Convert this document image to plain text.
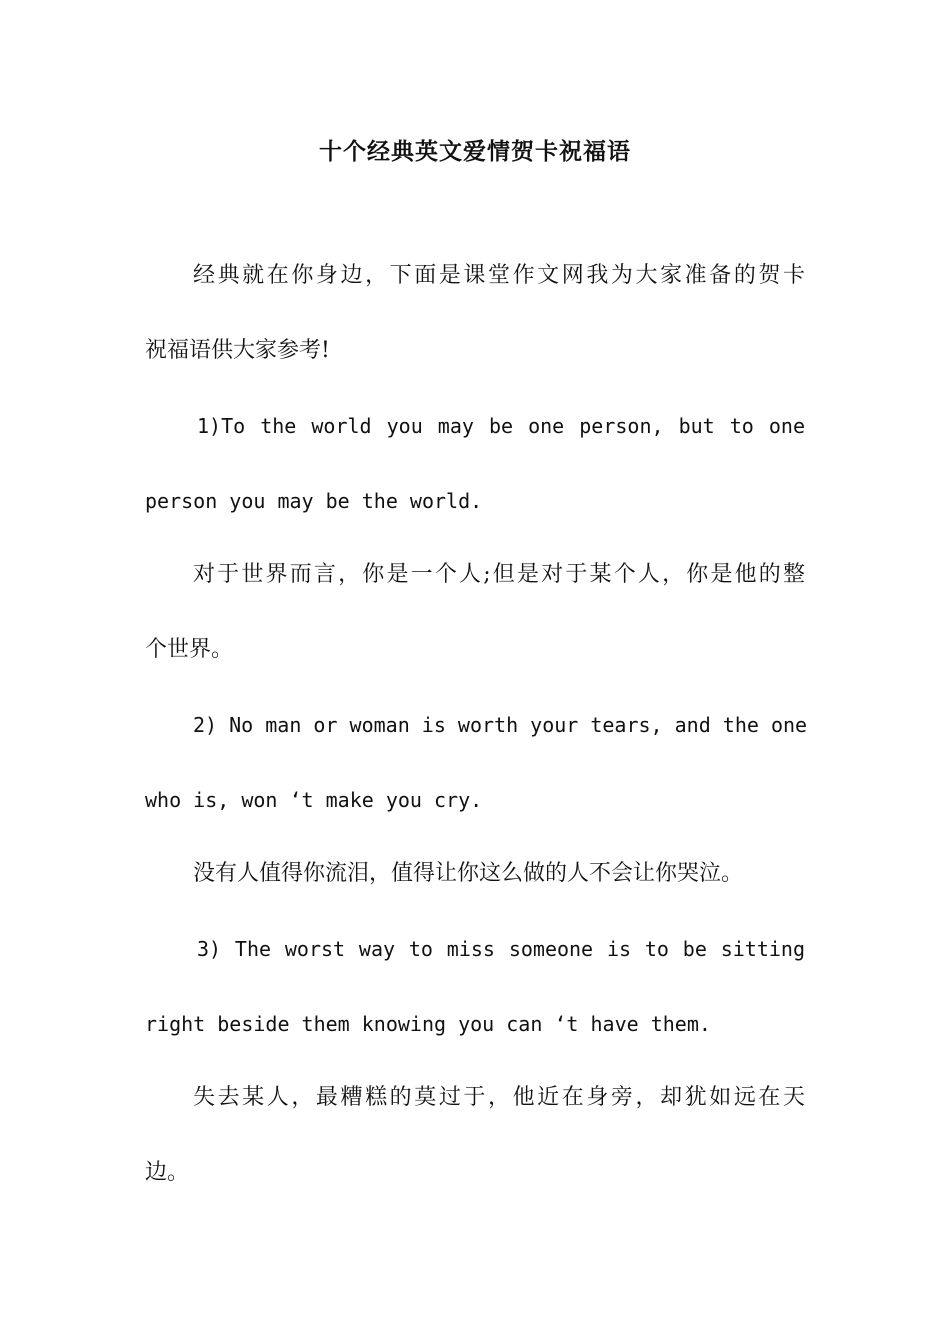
十个经典英文爱情贺卡祝福语
经典就在你身边，下面是课堂作文网我为大家准备的贺卡
祝福语供大家参考!
1)To the world you may be one person, but to one
person you may be the world.
对于世界而言，你是一个人;但是对于某个人，你是他的整
个世界。
2) No man or woman is worth your tears, and the one
who is, won ‘t make you cry.
没有人值得你流泪，值得让你这么做的人不会让你哭泣。
3) The worst way to miss someone is to be sitting
right beside them knowing you can ‘t have them.
失去某人，最糟糕的莫过于，他近在身旁，却犹如远在天
边。
